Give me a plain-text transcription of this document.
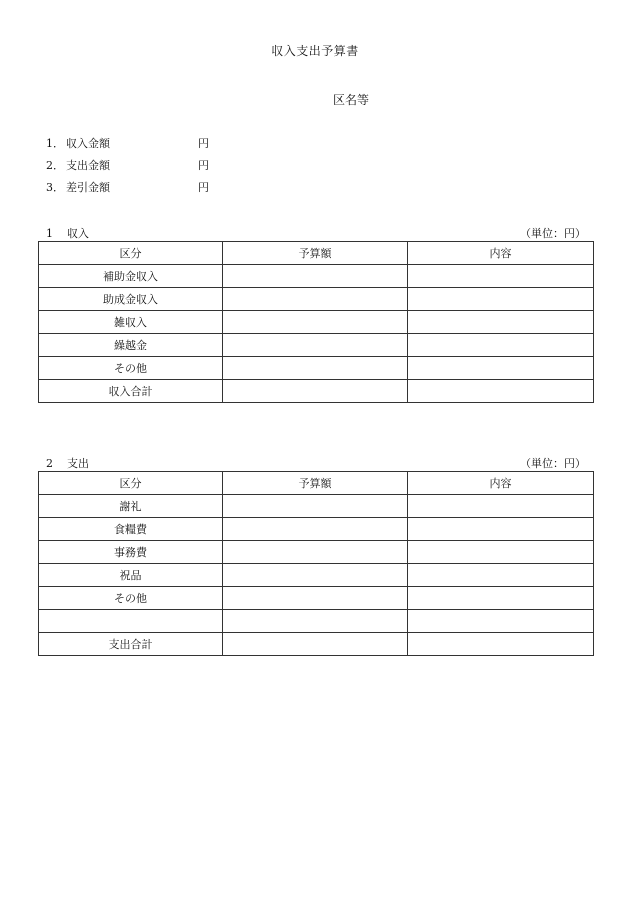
収入支出予算書
区名等
1． 収入金額	円
2． 支出金額	円
3． 差引金額	円
1 収入	（単位：円）
区分	予算額	内容
補助金収入		
助成金収入		
雑収入		
繰越金		
その他		
収入合計		
2 支出	（単位：円）
区分	予算額	内容
謝礼		
食糧費		
事務費		
祝品		
その他		

支出合計		
